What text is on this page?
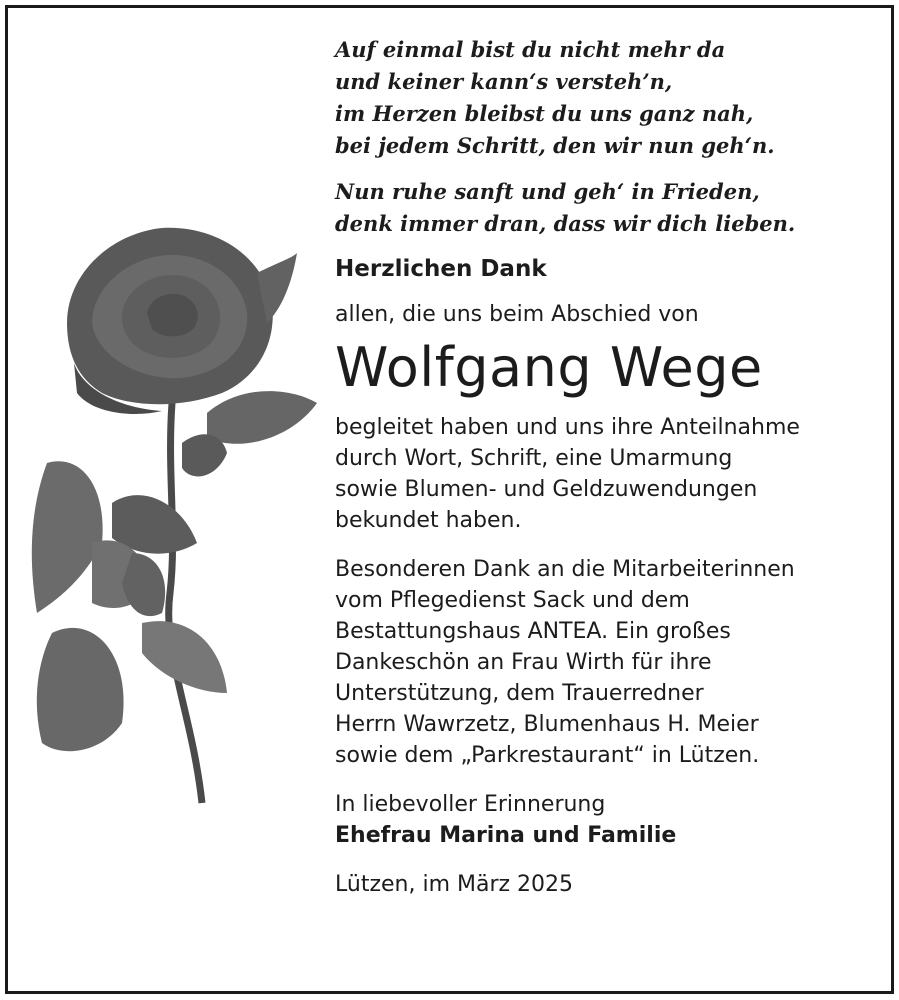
Auf einmal bist du nicht mehr da
und keiner kann‘s versteh’n,
im Herzen bleibst du uns ganz nah,
bei jedem Schritt, den wir nun geh‘n.
Nun ruhe sanft und geh‘ in Frieden,
denk immer dran, dass wir dich lieben.
Herzlichen Dank
allen, die uns beim Abschied von
Wolfgang Wege
begleitet haben und uns ihre Anteilnahme
durch Wort, Schrift, eine Umarmung
sowie Blumen- und Geldzuwendungen
bekundet haben.
Besonderen Dank an die Mitarbeiterinnen
vom Pflegedienst Sack und dem
Bestattungshaus ANTEA. Ein großes
Dankeschön an Frau Wirth für ihre
Unterstützung, dem Trauerredner
Herrn Wawrzetz, Blumenhaus H. Meier
sowie dem „Parkrestaurant“ in Lützen.
In liebevoller Erinnerung
Ehefrau Marina und Familie
Lützen, im März 2025
